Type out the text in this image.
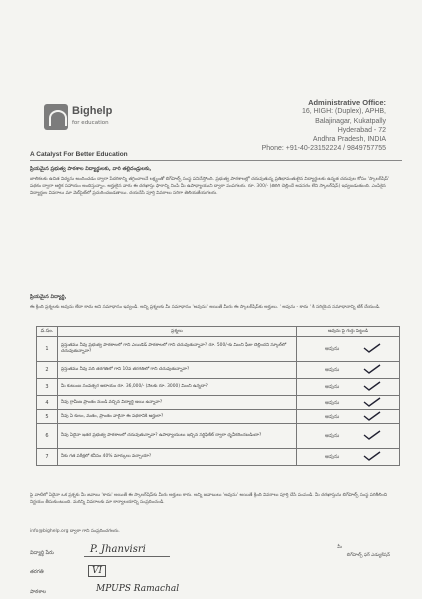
Bighelp
for education
A Catalyst For Better Education
Administrative Office:
16, HIGH: (Duplex), APHB,
Balajinagar, Kukatpally
Hyderabad - 72
Andhra Pradesh, INDIA
Phone: +91-40-23152224 / 9849757755
ప్రియమైన ప్రభుత్వ పాఠశాల విద్యార్థులకు, వారి తల్లిదండ్రులకు,
బాలికలకు ఉచిత విద్యను అందించడం ద్వారా పేదరికాన్ని తగ్గించాలనే లక్ష్యంతో బిగ్‌హెల్ప్ సంస్థ పనిచేస్తోంది. ప్రభుత్వ పాఠశాలల్లో చదువుతున్న ప్రతిభావంతులైన విద్యార్థులకు ఉన్నత చదువుల కోసం 'స్కాలర్‌షిప్' పథకం ద్వారా ఆర్థిక సహాయం అందిస్తున్నాం. అర్హులైన వారు ఈ దరఖాస్తు ఫారాన్ని నింపి మీ ఉపాధ్యాయుని ద్వారా పంపగలరు. రూ. 300/- (తిరిగి చెల్లించే అవసరం లేని స్కాలర్‌షిప్) ఇవ్వబడుతుంది. ఎంపికైన విద్యార్థుల వివరాలు మా వెబ్‌సైట్‌లో ప్రచురించబడతాయి. దయచేసి పూర్తి వివరాలు సరిగా తెలియజేయగలరు.
ప్రియమైన విద్యార్థి,
ఈ క్రింది ప్రశ్నలకు అవును లేదా కాదు అని సమాధానం ఇవ్వండి. అన్ని ప్రశ్నలకు మీ సమాధానం 'అవును' అయితే మీరు ఈ స్కాలర్‌షిప్‌కు అర్హులు. ' అవును - కాదు ' కి సరియైన సమాధానాన్ని టిక్ చేయండి.
వ.సం.	ప్రశ్నలు	అవును పై గుర్తు పెట్టండి
1	ప్రస్తుతము నీవు ప్రభుత్వ పాఠశాలలో గాని ఎయిడెడ్ పాఠశాలలో గాని చదువుతున్నావా? రూ. 500/-కు మించి ఫీజు చెల్లించని స్కూల్‌లో చదువుతున్నావా?	అవును

2	ప్రస్తుతము నీవు పది తరగతిలో గాని 10వ తరగతిలో గాని చదువుతున్నావా?	అవును

3	మీ కుటుంబ సంవత్సర ఆదాయం రూ. 36,000/- (నెలకు రూ. 3000) మించి ఉన్నదా?	అవును

4	నీవు గ్రామీణ ప్రాంతం నుండి వచ్చిన విద్యార్థి అయి ఉన్నావా?	అవును

5	నీవు ఏ కులం, మతం, ప్రాంతం వారైనా ఈ పథకానికి అర్హులా?	అవును

6	నీవు ఏదైనా ఇతర ప్రభుత్వ పాఠశాలలో చదువుతున్నావా? ఉపాధ్యాయులు ఇచ్చిన సర్టిఫికేట్ ద్వారా ధృవీకరించబడిందా?	అవును

7	నీకు గత పరీక్షలో కనీసం 40% మార్కులు వచ్చాయా?	అవును
పై వాటిలో ఏదైనా ఒక ప్రశ్నకు మీ జవాబు 'కాదు' అయితే ఈ స్కాలర్‌షిప్‌కు మీరు అర్హులు కారు. అన్ని జవాబులు 'అవును' అయితే క్రింది వివరాలు పూర్తి చేసి పంపండి. మీ దరఖాస్తును బిగ్‌హెల్ప్ సంస్థ పరిశీలించి నిర్ణయం తీసుకుంటుంది. మరిన్ని వివరాలకు మా కార్యాలయాన్ని సంప్రదించండి.
info@bighelp.org ద్వారా గాని సంప్రదించగలరు.
మీ
బిగ్‌హెల్ప్ ఫర్ ఎడ్యుకేషన్
విద్యార్థి పేరు	P. Jhanvisri
తరగతి	VI
పాఠశాల	MPUPS Ramachal
